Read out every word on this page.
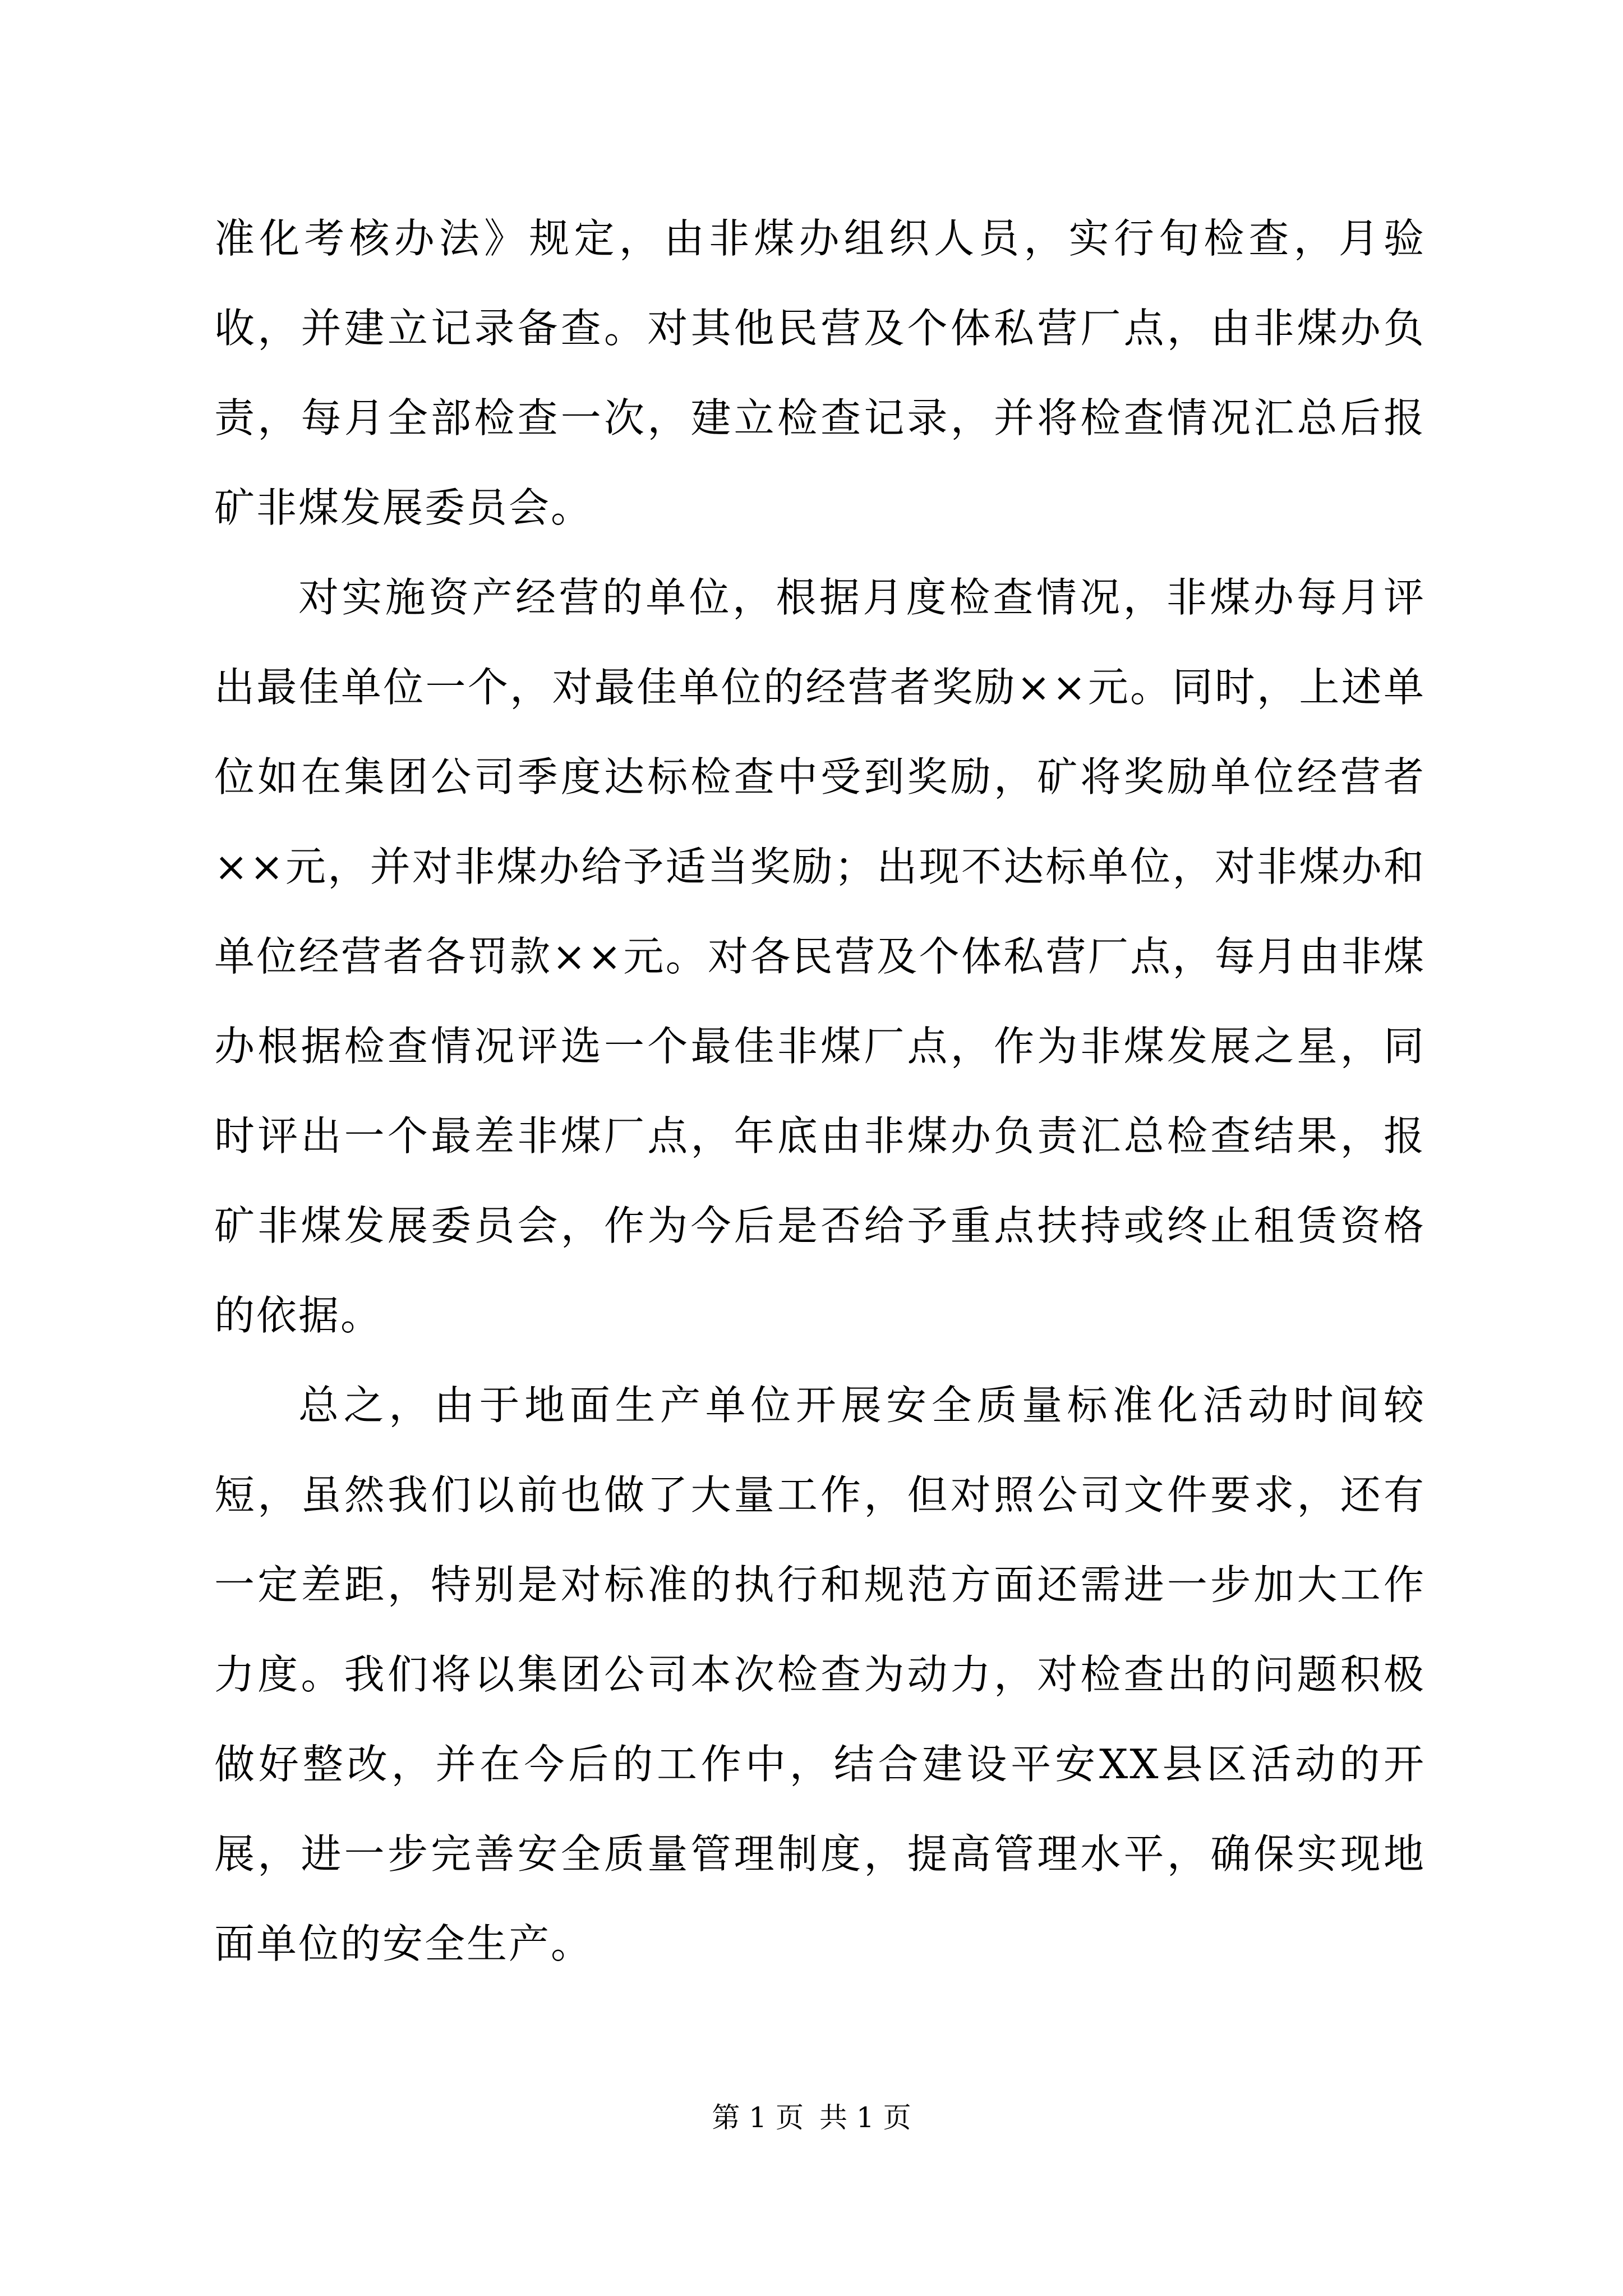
准化考核办法》规定，由非煤办组织人员，实行旬检查，月验收，并建立记录备查。对其他民营及个体私营厂点，由非煤办负责，每月全部检查一次，建立检查记录，并将检查情况汇总后报矿非煤发展委员会。

对实施资产经营的单位，根据月度检查情况，非煤办每月评出最佳单位一个，对最佳单位的经营者奖励××元。同时，上述单位如在集团公司季度达标检查中受到奖励，矿将奖励单位经营者××元，并对非煤办给予适当奖励；出现不达标单位，对非煤办和单位经营者各罚款××元。对各民营及个体私营厂点，每月由非煤办根据检查情况评选一个最佳非煤厂点，作为非煤发展之星，同时评出一个最差非煤厂点，年底由非煤办负责汇总检查结果，报矿非煤发展委员会，作为今后是否给予重点扶持或终止租赁资格的依据。

总之，由于地面生产单位开展安全质量标准化活动时间较短，虽然我们以前也做了大量工作，但对照公司文件要求，还有一定差距，特别是对标准的执行和规范方面还需进一步加大工作力度。我们将以集团公司本次检查为动力，对检查出的问题积极做好整改，并在今后的工作中，结合建设平安XX县区活动的开展，进一步完善安全质量管理制度，提高管理水平，确保实现地面单位的安全生产。

第 1 页 共 1 页
